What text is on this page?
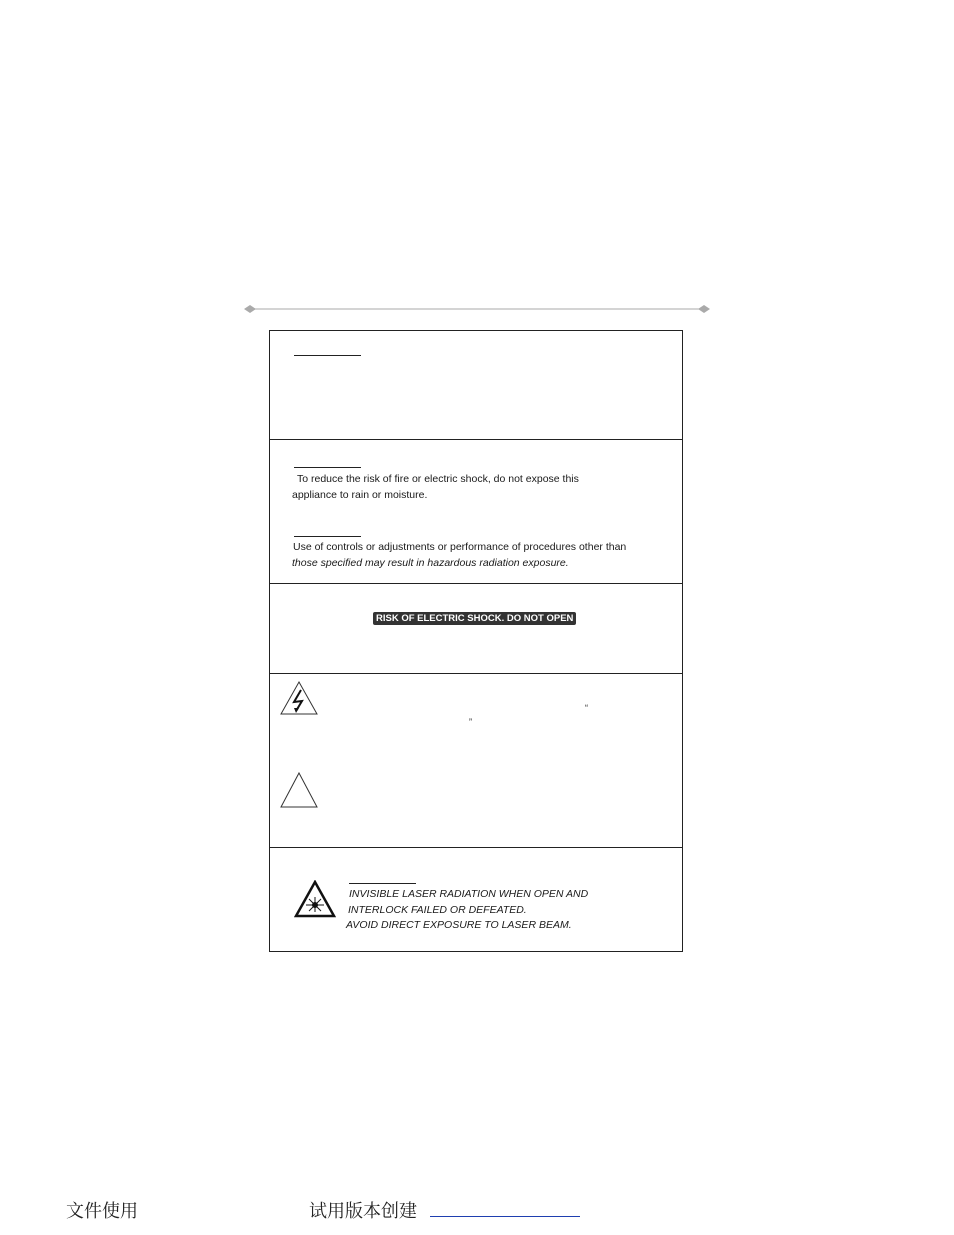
To reduce the risk of fire or electric shock, do not expose this
appliance to rain or moisture.
Use of controls or adjustments or performance of procedures other than
those specified may result in hazardous radiation exposure.
RISK OF ELECTRIC SHOCK. DO NOT OPEN
“
”
INVISIBLE LASER RADIATION WHEN OPEN AND
INTERLOCK FAILED OR DEFEATED.
AVOID DIRECT EXPOSURE TO LASER BEAM.
文件使用	试用版本创建
